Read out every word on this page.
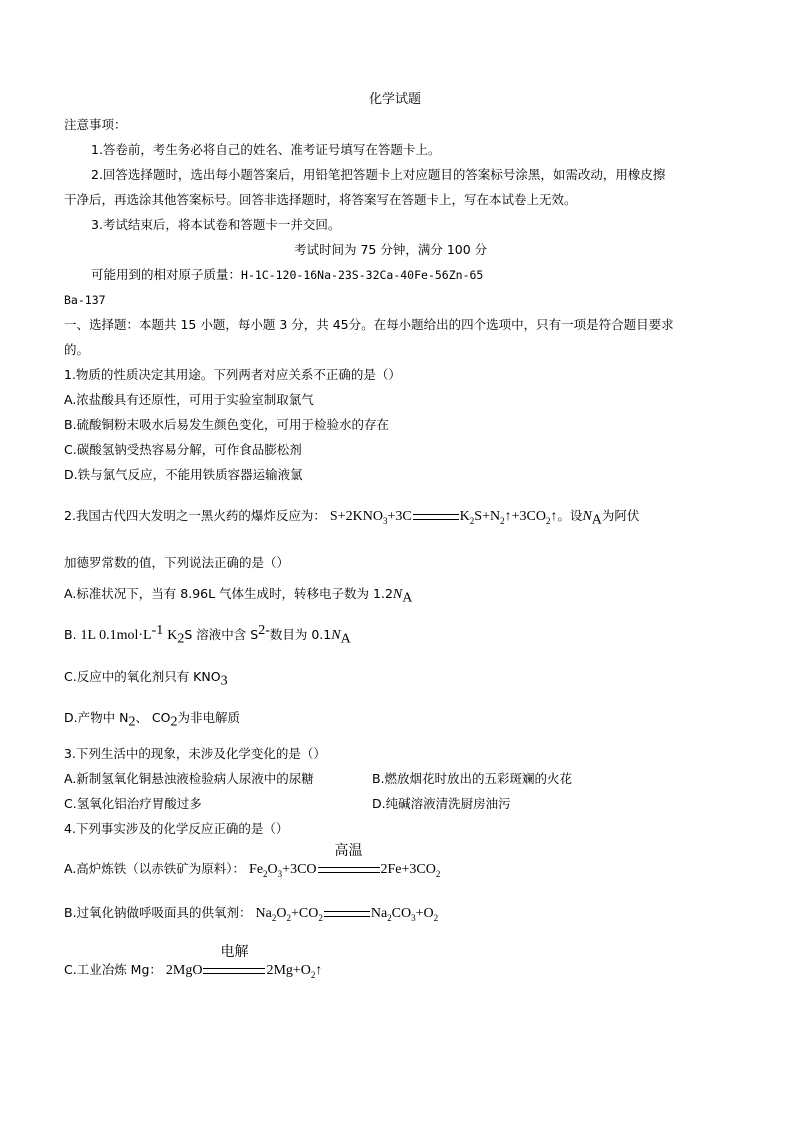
化学试题
注意事项：
1.答卷前，考生务必将自己的姓名、准考证号填写在答题卡上。
2.回答选择题时，选出每小题答案后，用铅笔把答题卡上对应题目的答案标号涂黑，如需改动，用橡皮擦
干净后，再选涂其他答案标号。回答非选择题时，将答案写在答题卡上，写在本试卷上无效。
3.考试结束后，将本试卷和答题卡一并交回。
考试时间为 75 分钟，满分 100 分
可能用到的相对原子质量：H-1C-120-16Na-23S-32Ca-40Fe-56Zn-65
Ba-137
一、选择题：本题共 15 小题，每小题 3 分，共 45分。在每小题给出的四个选项中，只有一项是符合题目要求
的。
1.物质的性质决定其用途。下列两者对应关系不正确的是（）
A.浓盐酸具有还原性，可用于实验室制取氯气
B.硫酸铜粉末吸水后易发生颜色变化，可用于检验水的存在
C.碳酸氢钠受热容易分解，可作食品膨松剂
D.铁与氯气反应，不能用铁质容器运输液氯
2.我国古代四大发明之一黑火药的爆炸反应为： $S+2KNO_3+3C$	$K_2S+N_2↑+3CO_2↑$。设$N_A$为阿伏
加德罗常数的值，下列说法正确的是（）
A.标准状况下，当有 8.96L 气体生成时，转移电子数为 $1.2N_A$
B. 1L $0.1mol\cdot L^{-1}$ $K_2S$ 溶液中含 $S^{2-}$数目为 $0.1N_A$
C.反应中的氧化剂只有 $KNO_3$
D.产物中 $N_2$、 $CO_2$为非电解质
3.下列生活中的现象，未涉及化学变化的是（）
A.新制氢氧化铜悬浊液检验病人尿液中的尿糖	B.燃放烟花时放出的五彩斑斓的火花
C.氢氧化铝治疗胃酸过多	D.纯碱溶液清洗厨房油污
4.下列事实涉及的化学反应正确的是（）
A.高炉炼铁（以赤铁矿为原料）： $Fe_2O_3+3CO$
高温
$2Fe+3CO_2$
B.过氧化钠做呼吸面具的供氧剂： $Na_2O_2+CO_2$	$Na_2CO_3+O_2$
C.工业冶炼 Mg： 2MgO
电解
$2Mg+O_2↑$
